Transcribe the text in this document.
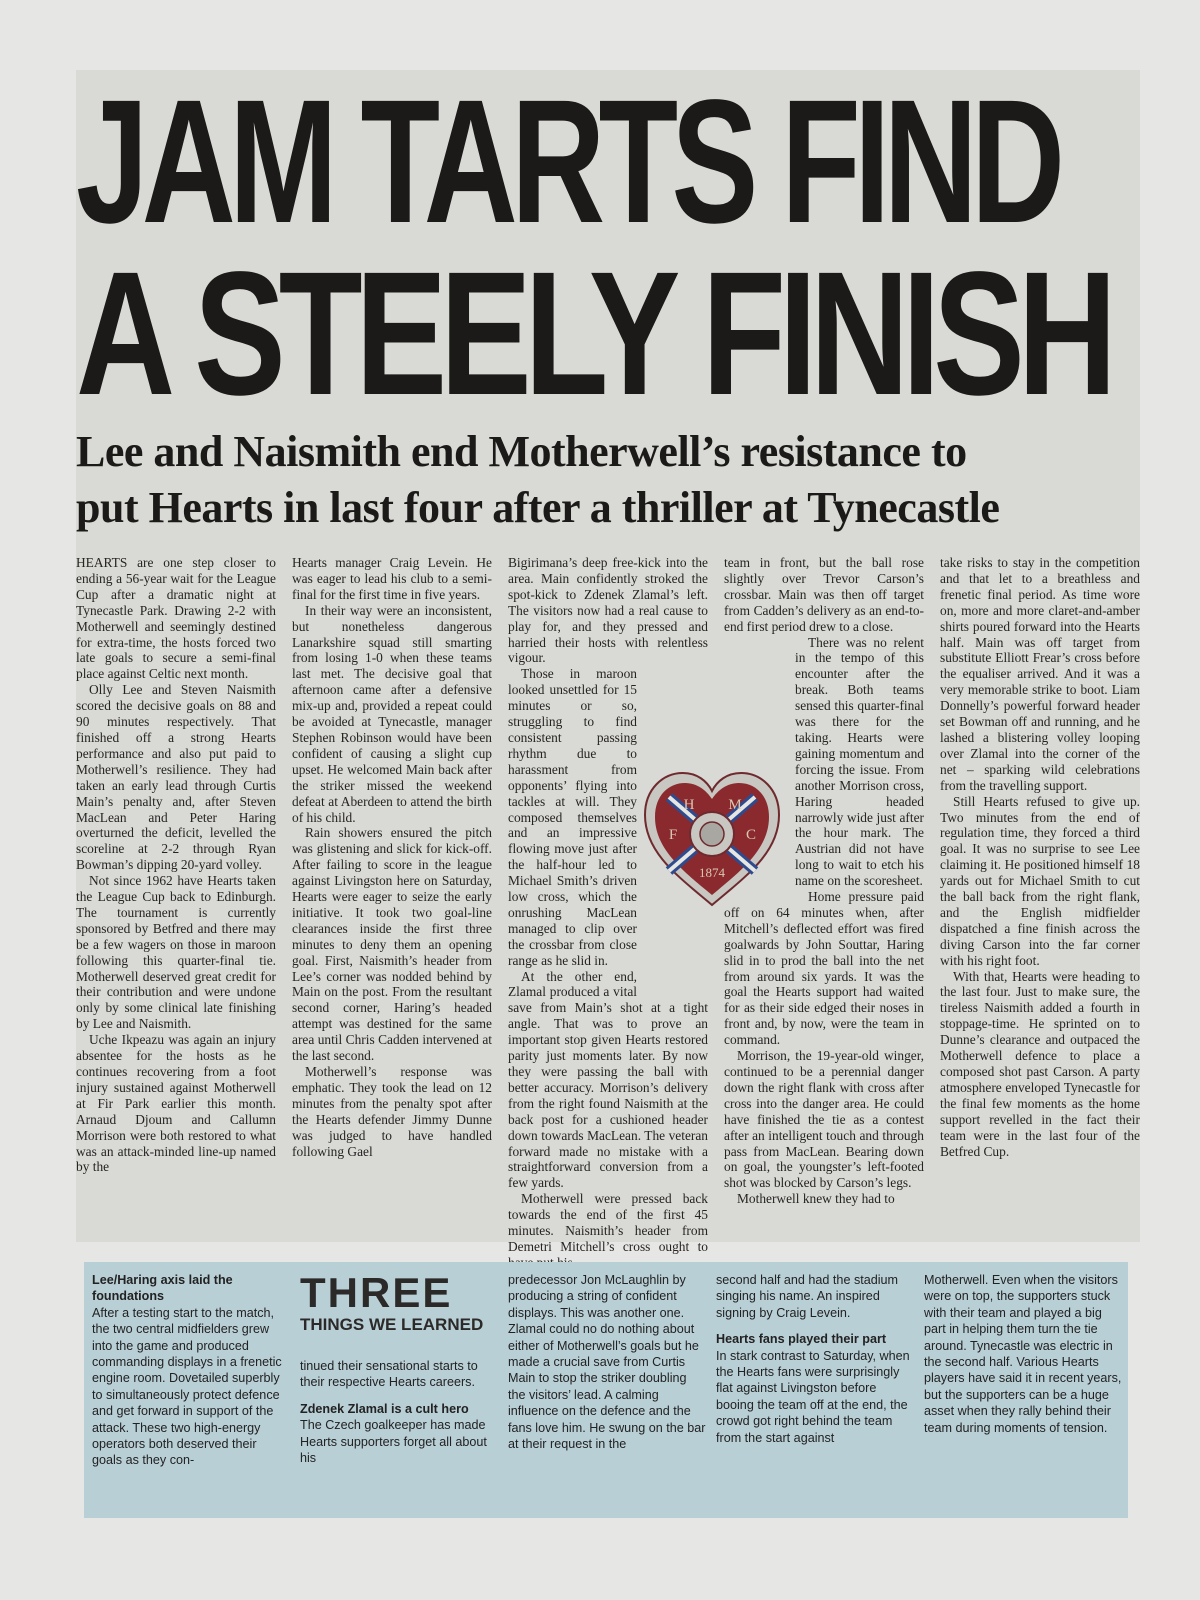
JAM TARTS FIND
A STEELY FINISH
Lee and Naismith end Motherwell’s resistance to
put Hearts in last four after a thriller at Tynecastle

HEARTS are one step closer to ending a 56-year wait for the League Cup after a dramatic night at Tynecastle Park. Drawing 2-2 with Motherwell and seemingly destined for extra-time, the hosts forced two late goals to secure a semi-final place against Celtic next month.

Olly Lee and Steven Naismith scored the decisive goals on 88 and 90 minutes respectively. That finished off a strong Hearts performance and also put paid to Motherwell’s resilience. They had taken an early lead through Curtis Main’s penalty and, after Steven MacLean and Peter Haring overturned the deficit, levelled the scoreline at 2-2 through Ryan Bowman’s dipping 20-yard volley.

Not since 1962 have Hearts taken the League Cup back to Edinburgh. The tournament is currently sponsored by Betfred and there may be a few wagers on those in maroon following this quarter-final tie. Motherwell deserved great credit for their contribution and were undone only by some clinical late finishing by Lee and Naismith.

Uche Ikpeazu was again an injury absentee for the hosts as he continues recovering from a foot injury sustained against Motherwell at Fir Park earlier this month. Arnaud Djoum and Callumn Morrison were both restored to what was an attack-minded line-up named by the

Hearts manager Craig Levein. He was eager to lead his club to a semi-final for the first time in five years.

In their way were an inconsistent, but nonetheless dangerous Lanarkshire squad still smarting from losing 1-0 when these teams last met. The decisive goal that afternoon came after a defensive mix-up and, provided a repeat could be avoided at Tynecastle, manager Stephen Robinson would have been confident of causing a slight cup upset. He welcomed Main back after the striker missed the weekend defeat at Aberdeen to attend the birth of his child.

Rain showers ensured the pitch was glistening and slick for kick-off. After failing to score in the league against Livingston here on Saturday, Hearts were eager to seize the early initiative. It took two goal-line clearances inside the first three minutes to deny them an opening goal. First, Naismith’s header from Lee’s corner was nodded behind by Main on the post. From the resultant second corner, Haring’s headed attempt was destined for the same area until Chris Cadden intervened at the last second.

Motherwell’s response was emphatic. They took the lead on 12 minutes from the penalty spot after the Hearts defender Jimmy Dunne was judged to have handled following Gael

Bigirimana’s deep free-kick into the area. Main confidently stroked the spot-kick to Zdenek Zlamal’s left. The visitors now had a real cause to play for, and they pressed and harried their hosts with relentless vigour.

Those in maroon looked unsettled for 15 minutes or so, struggling to find consistent passing rhythm due to harassment from opponents’ flying into tackles at will. They composed themselves and an impressive flowing move just after the half-hour led to Michael Smith’s driven low cross, which the onrushing MacLean managed to clip over the crossbar from close range as he slid in.

At the other end, Zlamal produced a vital save from Main’s shot at a tight angle. That was to prove an important stop given Hearts restored parity just moments later. By now they were passing the ball with better accuracy. Morrison’s delivery from the right found Naismith at the back post for a cushioned header down towards MacLean. The veteran forward made no mistake with a straightforward conversion from a few yards.

Motherwell were pressed back towards the end of the first 45 minutes. Naismith’s header from Demetri Mitchell’s cross ought to

team in front, but the ball rose slightly over Trevor Carson’s crossbar. Main was then off target from Cadden’s delivery as an end-to-end first period drew to a close.

There was no relent in the tempo of this encounter after the break. Both teams sensed this quarter-final was there for the taking. Hearts were gaining momentum and forcing the issue. From another Morrison cross, Haring headed narrowly wide just after the hour mark. The Austrian did not have long to wait to etch his name on the scoresheet.

Home pressure paid off on 64 minutes when, after Mitchell’s deflected effort was fired goalwards by John Souttar, Haring slid in to prod the ball into the net from around six yards. It was the goal the Hearts support had waited for as their side edged their noses in front and, by now, were the team in command.

Morrison, the 19-year-old winger, continued to be a perennial danger down the right flank with cross after cross into the danger area. He could have finished the tie as a contest after an intelligent touch and through pass from MacLean. Bearing down on goal, the youngster’s left-footed shot was blocked by Carson’s legs.

Motherwell knew they had to

take risks to stay in the competition and that let to a breathless and frenetic final period. As time wore on, more and more claret-and-amber shirts poured forward into the Hearts half. Main was off target from substitute Elliott Frear’s cross before the equaliser arrived. And it was a very memorable strike to boot. Liam Donnelly’s powerful forward header set Bowman off and running, and he lashed a blistering volley looping over Zlamal into the corner of the net – sparking wild celebrations from the travelling support.

Still Hearts refused to give up. Two minutes from the end of regulation time, they forced a third goal. It was no surprise to see Lee claiming it. He positioned himself 18 yards out for Michael Smith to cut the ball back from the right flank, and the English midfielder dispatched a fine finish across the diving Carson into the far corner with his right foot.

With that, Hearts were heading to the last four. Just to make sure, the tireless Naismith added a fourth in stoppage-time. He sprinted on to Dunne’s clearance and outpaced the Motherwell defence to place a composed shot past Carson. A party atmosphere enveloped Tynecastle for the final few moments as the home support revelled in the fact their team were in the last four of the Betfred Cup.

H M
F	C
1874

Lee/Haring axis laid the foundations

After a testing start to the match, the two central midfielders grew into the game and produced commanding displays in a frenetic engine room. Dovetailed superbly to simultaneously protect defence and get forward in support of the attack. These two high-energy operators both deserved their goals as they con-

THREE

THINGS WE LEARNED

tinued their sensational starts to their respective Hearts careers.

Zdenek Zlamal is a cult hero

The Czech goalkeeper has made Hearts supporters forget all about his

predecessor Jon McLaughlin by producing a string of confident displays. This was another one. Zlamal could no do nothing about either of Motherwell’s goals but he made a crucial save from Curtis Main to stop the striker doubling the visitors’ lead. A calming influence on the defence and the fans love him. He swung on the bar at their request in the

second half and had the stadium singing his name. An inspired signing by Craig Levein.

Hearts fans played their part

In stark contrast to Saturday, when the Hearts fans were surprisingly flat against Livingston before booing the team off at the end, the crowd got right behind the team from the start against

Motherwell. Even when the visitors were on top, the supporters stuck with their team and played a big part in helping them turn the tie around. Tynecastle was electric in the second half. Various Hearts players have said it in recent years, but the supporters can be a huge asset when they rally behind their team during moments of tension.
